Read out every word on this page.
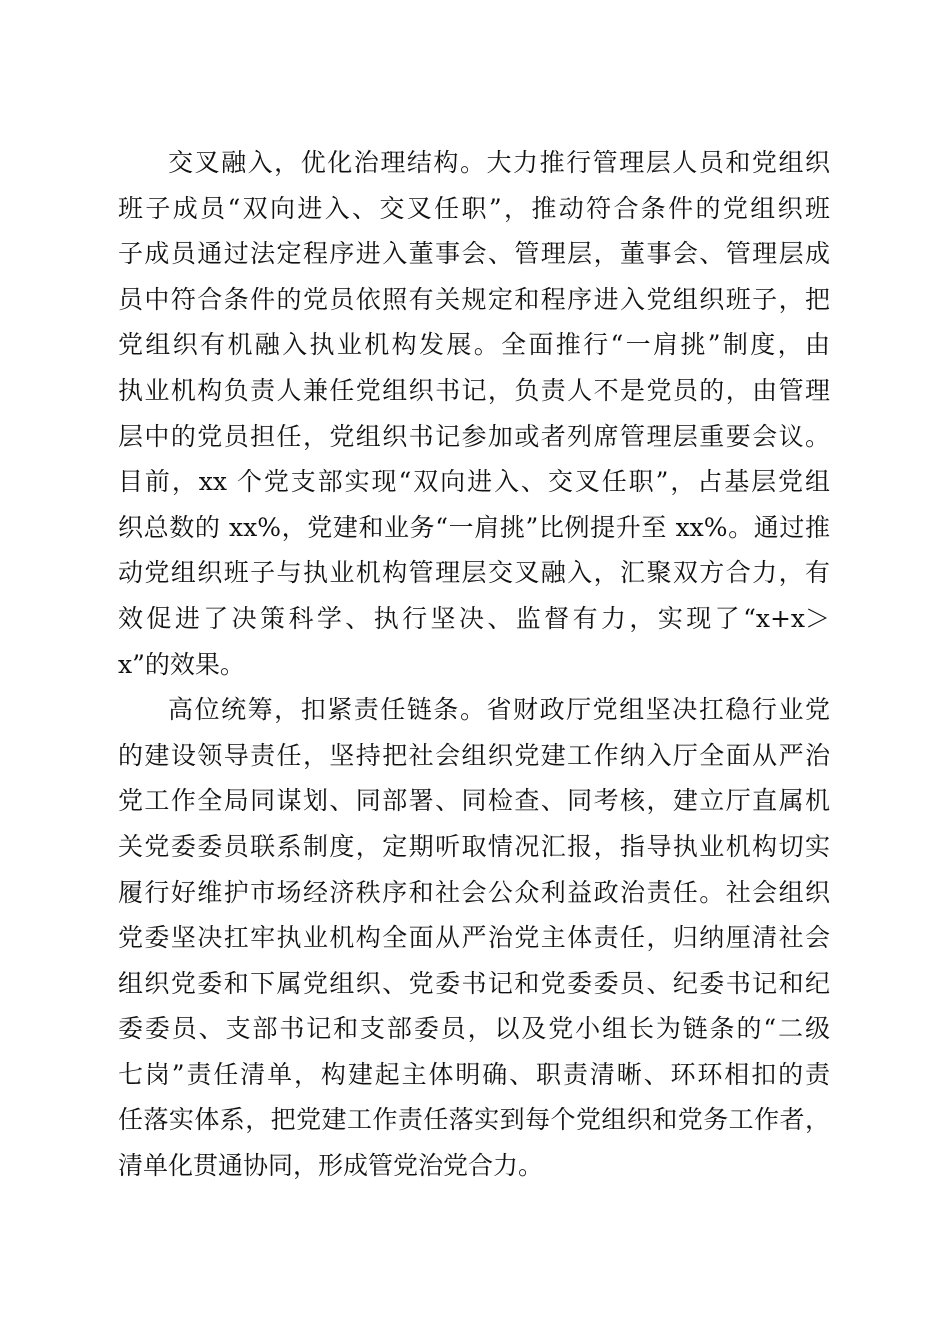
交叉融入，优化治理结构。大力推行管理层人员和党组织
班子成员“双向进入、交叉任职”，推动符合条件的党组织班
子成员通过法定程序进入董事会、管理层，董事会、管理层成
员中符合条件的党员依照有关规定和程序进入党组织班子，把
党组织有机融入执业机构发展。全面推行“一肩挑”制度，由
执业机构负责人兼任党组织书记，负责人不是党员的，由管理
层中的党员担任，党组织书记参加或者列席管理层重要会议。
目前，xx 个党支部实现“双向进入、交叉任职”，占基层党组
织总数的 xx%，党建和业务“一肩挑”比例提升至 xx%。通过推
动党组织班子与执业机构管理层交叉融入，汇聚双方合力，有
效促进了决策科学、执行坚决、监督有力，实现了“x+x＞
x”的效果。
高位统筹，扣紧责任链条。省财政厅党组坚决扛稳行业党
的建设领导责任，坚持把社会组织党建工作纳入厅全面从严治
党工作全局同谋划、同部署、同检查、同考核，建立厅直属机
关党委委员联系制度，定期听取情况汇报，指导执业机构切实
履行好维护市场经济秩序和社会公众利益政治责任。社会组织
党委坚决扛牢执业机构全面从严治党主体责任，归纳厘清社会
组织党委和下属党组织、党委书记和党委委员、纪委书记和纪
委委员、支部书记和支部委员，以及党小组长为链条的“二级
七岗”责任清单，构建起主体明确、职责清晰、环环相扣的责
任落实体系，把党建工作责任落实到每个党组织和党务工作者，
清单化贯通协同，形成管党治党合力。
